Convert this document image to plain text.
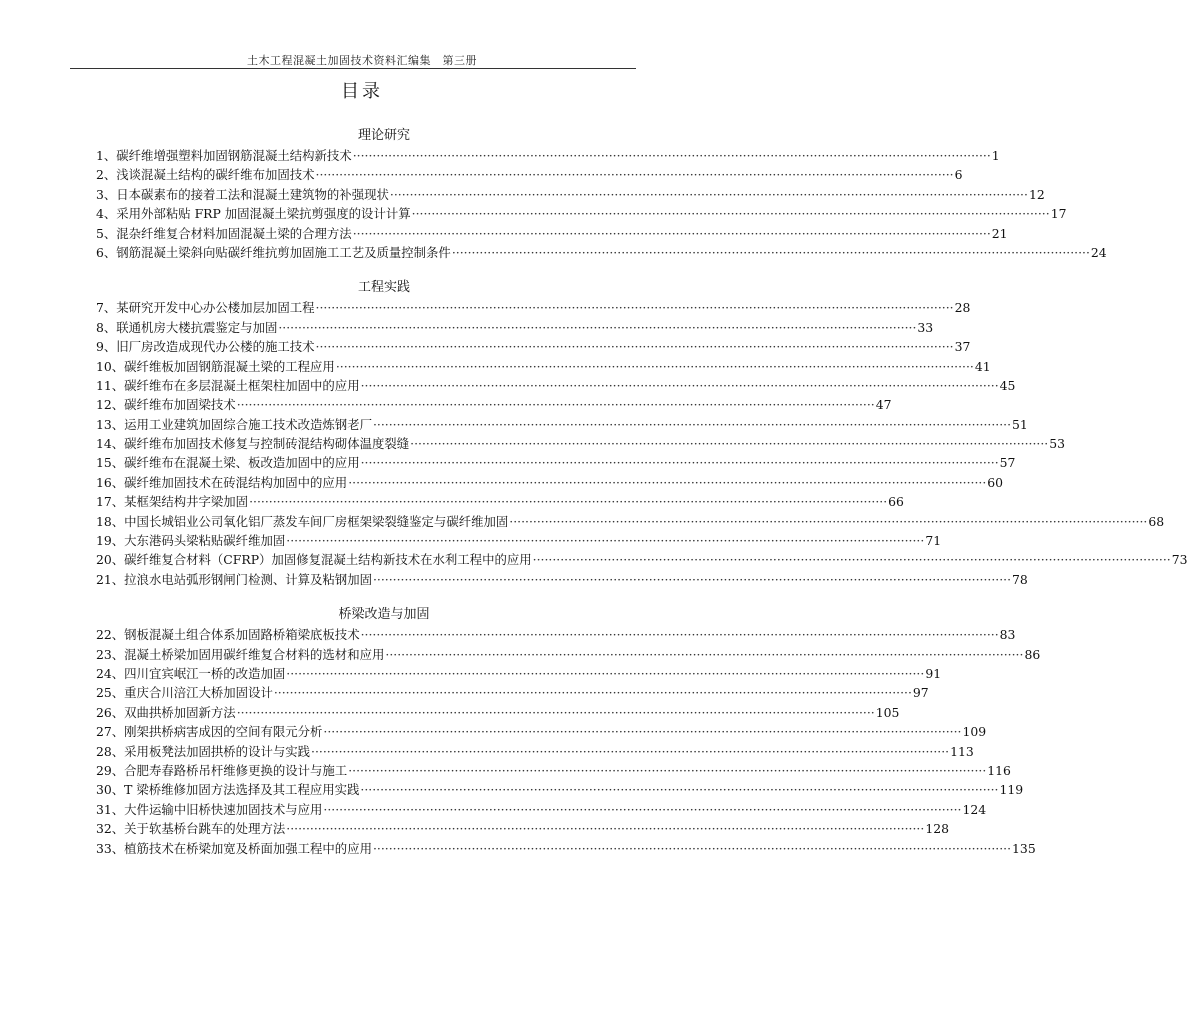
土木工程混凝土加固技术资料汇编集　第三册
目录
理论研究
1、 碳纤维增强塑料加固钢筋混凝土结构新技术 ·····	1
2、 浅谈混凝土结构的碳纤维布加固技术 ·····	6
3、 日本碳素布的接着工法和混凝土建筑物的补强现状 ·····	12
4、 采用外部粘贴 FRP 加固混凝土梁抗剪强度的设计计算 ·····	17
5、 混杂纤维复合材料加固混凝土梁的合理方法 ·····	21
6、 钢筋混凝土梁斜向贴碳纤维抗剪加固施工工艺及质量控制条件 ·····	24
工程实践
7、 某研究开发中心办公楼加层加固工程 ·····	28
8、 联通机房大楼抗震鉴定与加固 ·····	33
9、 旧厂房改造成现代办公楼的施工技术 ·····	37
10、 碳纤维板加固钢筋混凝土梁的工程应用 ·····	41
11、 碳纤维布在多层混凝土框架柱加固中的应用 ·····	45
12、 碳纤维布加固梁技术 ·····	47
13、 运用工业建筑加固综合施工技术改造炼钢老厂 ·····	51
14、 碳纤维布加固技术修复与控制砖混结构砌体温度裂缝 ·····	53
15、 碳纤维布在混凝土梁、板改造加固中的应用 ·····	57
16、 碳纤维加固技术在砖混结构加固中的应用 ·····	60
17、 某框架结构井字梁加固 ·····	66
18、 中国长城铝业公司氧化铝厂蒸发车间厂房框架梁裂缝鉴定与碳纤维加固 ·····	68
19、 大东港码头梁粘贴碳纤维加固 ·····	71
20、 碳纤维复合材料（CFRP）加固修复混凝土结构新技术在水利工程中的应用 ·····	73
21、 拉浪水电站弧形钢闸门检测、计算及粘钢加固 ·····	78
桥梁改造与加固
22、 钢板混凝土组合体系加固路桥箱梁底板技术 ·····	83
23、 混凝土桥梁加固用碳纤维复合材料的选材和应用 ·····	86
24、 四川宜宾岷江一桥的改造加固 ·····	91
25、 重庆合川涪江大桥加固设计 ·····	97
26、 双曲拱桥加固新方法 ·····	105
27、 刚架拱桥病害成因的空间有限元分析 ·····	109
28、 采用板凳法加固拱桥的设计与实践 ·····	113
29、 合肥寿春路桥吊杆维修更换的设计与施工 ·····	116
30、 T 梁桥维修加固方法选择及其工程应用实践 ·····	119
31、 大件运输中旧桥快速加固技术与应用 ·····	124
32、 关于软基桥台跳车的处理方法 ·····	128
33、 植筋技术在桥梁加宽及桥面加强工程中的应用 ·····	135
